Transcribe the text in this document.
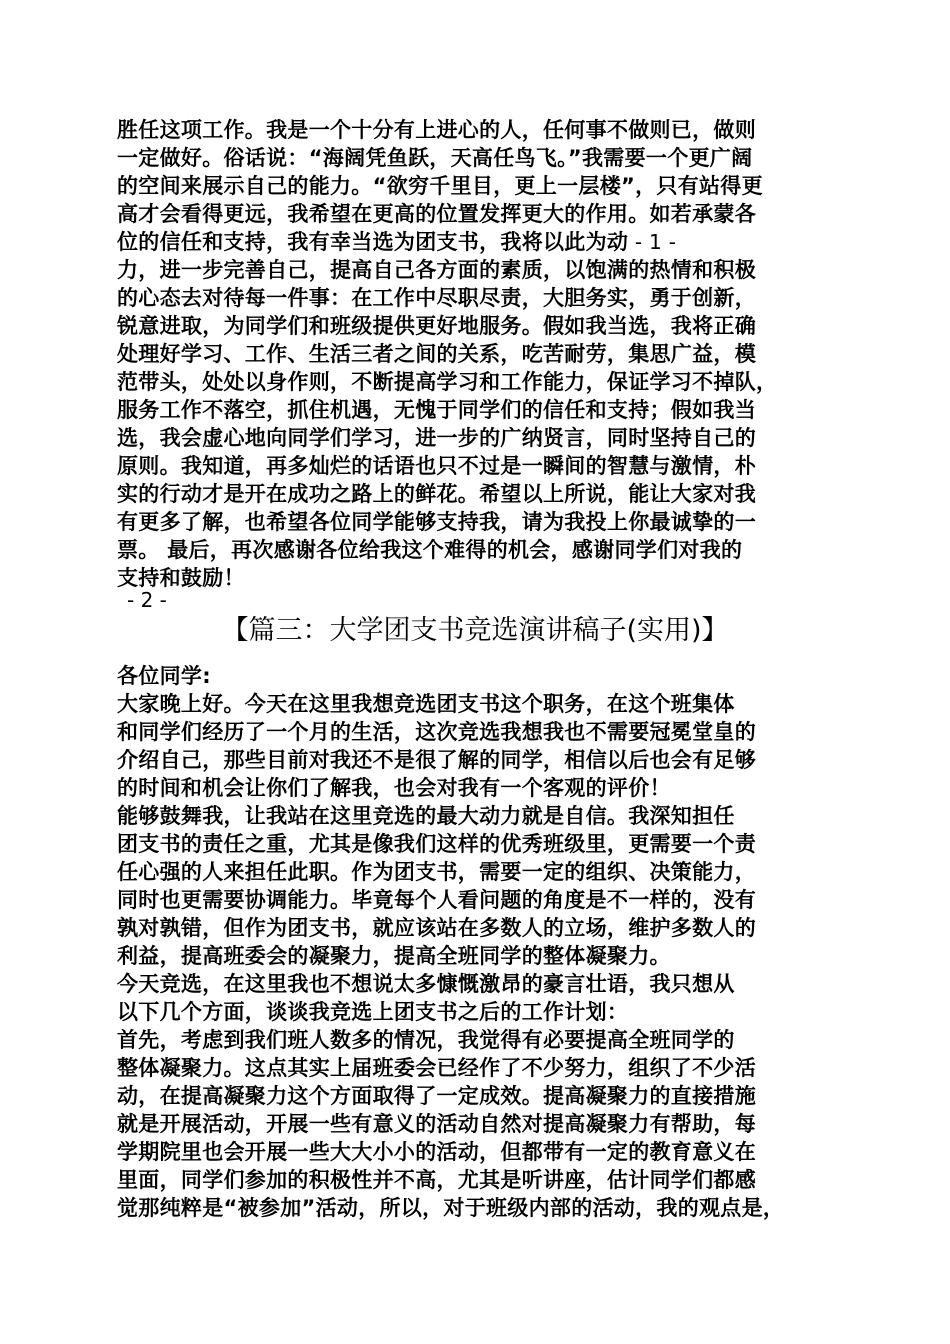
胜任这项工作。我是一个十分有上进心的人，任何事不做则已，做则
一定做好。俗话说：“海阔凭鱼跃，天高任鸟飞。”我需要一个更广阔
的空间来展示自己的能力。“欲穷千里目，更上一层楼”，只有站得更
高才会看得更远，我希望在更高的位置发挥更大的作用。如若承蒙各
位的信任和支持，我有幸当选为团支书，我将以此为动 - 1 -
力，进一步完善自己，提高自己各方面的素质，以饱满的热情和积极
的心态去对待每一件事：在工作中尽职尽责，大胆务实，勇于创新，
锐意进取，为同学们和班级提供更好地服务。假如我当选，我将正确
处理好学习、工作、生活三者之间的关系，吃苦耐劳，集思广益，模
范带头，处处以身作则，不断提高学习和工作能力，保证学习不掉队，
服务工作不落空，抓住机遇，无愧于同学们的信任和支持；假如我当
选，我会虚心地向同学们学习，进一步的广纳贤言，同时坚持自己的
原则。我知道，再多灿烂的话语也只不过是一瞬间的智慧与激情，朴
实的行动才是开在成功之路上的鲜花。希望以上所说，能让大家对我
有更多了解，也希望各位同学能够支持我，请为我投上你最诚挚的一
票。 最后，再次感谢各位给我这个难得的机会，感谢同学们对我的
支持和鼓励！
- 2 -
【篇三：大学团支书竞选演讲稿子(实用)】
各位同学:
大家晚上好。今天在这里我想竞选团支书这个职务，在这个班集体
和同学们经历了一个月的生活，这次竞选我想我也不需要冠冕堂皇的
介绍自己，那些目前对我还不是很了解的同学，相信以后也会有足够
的时间和机会让你们了解我，也会对我有一个客观的评价！
能够鼓舞我，让我站在这里竞选的最大动力就是自信。我深知担任
团支书的责任之重，尤其是像我们这样的优秀班级里，更需要一个责
任心强的人来担任此职。作为团支书，需要一定的组织、决策能力，
同时也更需要协调能力。毕竟每个人看问题的角度是不一样的，没有
孰对孰错，但作为团支书，就应该站在多数人的立场，维护多数人的
利益，提高班委会的凝聚力，提高全班同学的整体凝聚力。
今天竞选，在这里我也不想说太多慷慨激昂的豪言壮语，我只想从
以下几个方面，谈谈我竞选上团支书之后的工作计划：
首先，考虑到我们班人数多的情况，我觉得有必要提高全班同学的
整体凝聚力。这点其实上届班委会已经作了不少努力，组织了不少活
动，在提高凝聚力这个方面取得了一定成效。提高凝聚力的直接措施
就是开展活动，开展一些有意义的活动自然对提高凝聚力有帮助，每
学期院里也会开展一些大大小小的活动，但都带有一定的教育意义在
里面，同学们参加的积极性并不高，尤其是听讲座，估计同学们都感
觉那纯粹是“被参加”活动，所以，对于班级内部的活动，我的观点是，
